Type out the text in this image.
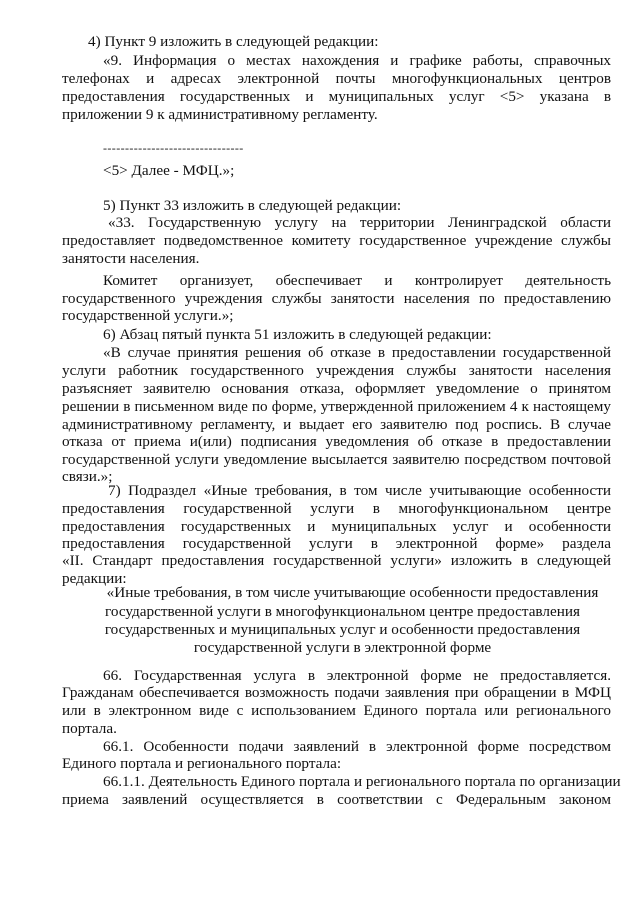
4) Пункт 9 изложить в следующей редакции:
«9. Информация о местах нахождения и графике работы, справочных
телефонах и адресах электронной почты многофункциональных центров
предоставления государственных и муниципальных услуг <5> указана в
приложении 9 к административному регламенту.
--------------------------------
<5> Далее - МФЦ.»;
5) Пункт 33 изложить в следующей редакции:
«33. Государственную услугу на территории Ленинградской области
предоставляет подведомственное комитету государственное учреждение службы
занятости населения.
Комитет организует, обеспечивает и контролирует деятельность
государственного учреждения службы занятости населения по предоставлению
государственной услуги.»;
6) Абзац пятый пункта 51 изложить в следующей редакции:
«В случае принятия решения об отказе в предоставлении государственной
услуги работник государственного учреждения службы занятости населения
разъясняет заявителю основания отказа, оформляет уведомление о принятом
решении в письменном виде по форме, утвержденной приложением 4 к настоящему
административному регламенту, и выдает его заявителю под роспись. В случае
отказа от приема и(или) подписания уведомления об отказе в предоставлении
государственной услуги уведомление высылается заявителю посредством почтовой
связи.»;
7) Подраздел «Иные требования, в том числе учитывающие особенности
предоставления государственной услуги в многофункциональном центре
предоставления государственных и муниципальных услуг и особенности
предоставления государственной услуги в электронной форме» раздела
«II. Стандарт предоставления государственной услуги» изложить в следующей
редакции:
«Иные требования, в том числе учитывающие особенности предоставления
государственной услуги в многофункциональном центре предоставления
государственных и муниципальных услуг и особенности предоставления
государственной услуги в электронной форме
66. Государственная услуга в электронной форме не предоставляется.
Гражданам обеспечивается возможность подачи заявления при обращении в МФЦ
или в электронном виде с использованием Единого портала или регионального
портала.
66.1. Особенности подачи заявлений в электронной форме посредством
Единого портала и регионального портала:
66.1.1. Деятельность Единого портала и регионального портала по организации
приема заявлений осуществляется в соответствии с Федеральным законом
